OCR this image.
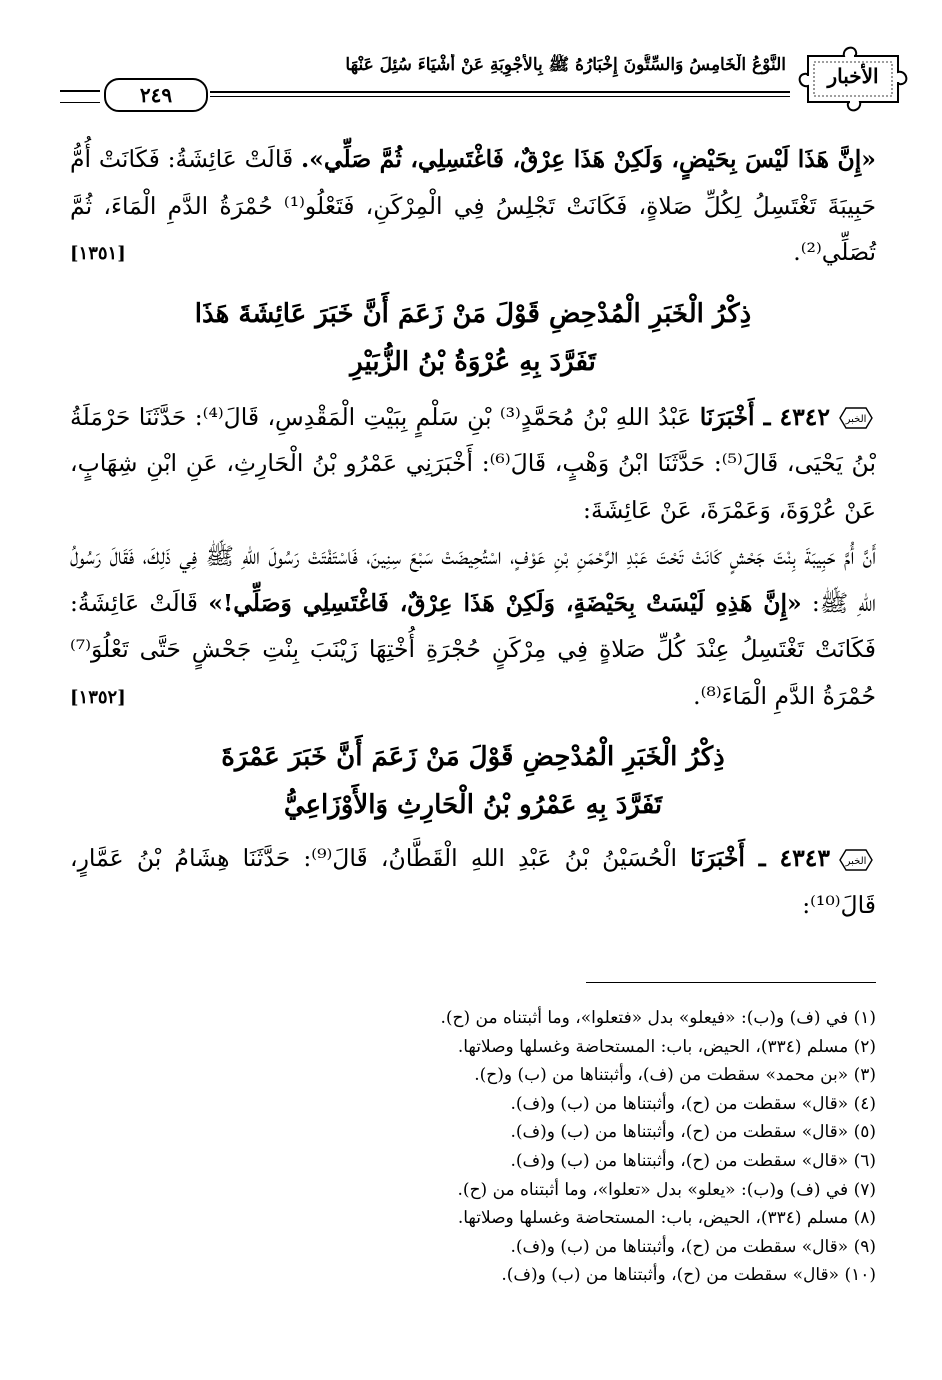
الأخبار
النَّوْعُ الْخَامِسُ وَالسِّتُّونَ إِخْبَارُهُ ﷺ بِالأَجْوِبَةِ عَنْ أَشْيَاءَ سُئِلَ عَنْهَا
٢٤٩

«إِنَّ هَذَا لَيْسَ بِحَيْضٍ، وَلَكِنْ هَذَا عِرْقٌ، فَاغْتَسِلِي، ثُمَّ صَلِّي». قَالَتْ عَائِشَةُ: فَكَانَتْ أُمُّ حَبِيبَةَ تَغْتَسِلُ لِكُلِّ صَلاةٍ، فَكَانَتْ تَجْلِسُ فِي الْمِرْكَنِ، فَتَعْلُو⁽¹⁾ حُمْرَةُ الدَّمِ الْمَاءَ، ثُمَّ تُصَلِّي⁽²⁾.
[١٣٥١]

ذِكْرُ الْخَبَرِ الْمُدْحِضِ قَوْلَ مَنْ زَعَمَ أَنَّ خَبَرَ عَائِشَةَ هَذَا

تَفَرَّدَ بِهِ عُرْوَةُ بْنُ الزُّبَيْرِ

الخبر
٤٣٤٢ ـ أَخْبَرَنَا عَبْدُ اللهِ بْنُ مُحَمَّدٍ⁽³⁾ بْنِ سَلْمٍ بِبَيْتِ الْمَقْدِسِ، قَالَ⁽⁴⁾: حَدَّثَنَا حَرْمَلَةُ بْنُ يَحْيَى، قَالَ⁽⁵⁾: حَدَّثَنَا ابْنُ وَهْبٍ، قَالَ⁽⁶⁾: أَخْبَرَنِي عَمْرُو بْنُ الْحَارِثِ، عَنِ ابْنِ شِهَابٍ، عَنْ عُرْوَةَ، وَعَمْرَةَ، عَنْ عَائِشَةَ:

أَنَّ أُمَّ حَبِيبَةَ بِنْتَ جَحْشٍ كَانَتْ تَحْتَ عَبْدِ الرَّحْمَنِ بْنِ عَوْفٍ، اسْتُحِيضَتْ سَبْعَ سِنِينَ، فَاسْتَفْتَتْ رَسُولَ اللهِ ﷺ فِي ذَلِكَ، فَقَالَ رَسُولُ اللهِ ﷺ: «إِنَّ هَذِهِ لَيْسَتْ بِحَيْضَةٍ، وَلَكِنْ هَذَا عِرْقٌ، فَاغْتَسِلِي وَصَلِّي!» قَالَتْ عَائِشَةُ: فَكَانَتْ تَغْتَسِلُ عِنْدَ كُلِّ صَلاةٍ فِي مِرْكَنٍ حُجْرَةِ أُخْتِهَا زَيْنَبَ بِنْتِ جَحْشٍ حَتَّى تَعْلُوَ⁽⁷⁾ حُمْرَةُ الدَّمِ الْمَاءَ⁽⁸⁾.
[١٣٥٢]

ذِكْرُ الْخَبَرِ الْمُدْحِضِ قَوْلَ مَنْ زَعَمَ أَنَّ خَبَرَ عَمْرَةَ

تَفَرَّدَ بِهِ عَمْرُو بْنُ الْحَارِثِ وَالأَوْزَاعِيُّ

الخبر
٤٣٤٣ ـ أَخْبَرَنَا الْحُسَيْنُ بْنُ عَبْدِ اللهِ الْقَطَّانُ، قَالَ⁽⁹⁾: حَدَّثَنَا هِشَامُ بْنُ عَمَّارٍ، قَالَ⁽¹⁰⁾:

(١) في (ف) و(ب): «فيعلو» بدل «فتعلوا»، وما أثبتناه من (ح).

(٢) مسلم (٣٣٤)، الحيض، باب: المستحاضة وغسلها وصلاتها.

(٣) «بن محمد» سقطت من (ف)، وأثبتناها من (ب) و(ح).

(٤) «قال» سقطت من (ح)، وأثبتناها من (ب) و(ف).

(٥) «قال» سقطت من (ح)، وأثبتناها من (ب) و(ف).

(٦) «قال» سقطت من (ح)، وأثبتناها من (ب) و(ف).

(٧) في (ف) و(ب): «يعلو» بدل «تعلوا»، وما أثبتناه من (ح).

(٨) مسلم (٣٣٤)، الحيض، باب: المستحاضة وغسلها وصلاتها.

(٩) «قال» سقطت من (ح)، وأثبتناها من (ب) و(ف).

(١٠) «قال» سقطت من (ح)، وأثبتناها من (ب) و(ف).
